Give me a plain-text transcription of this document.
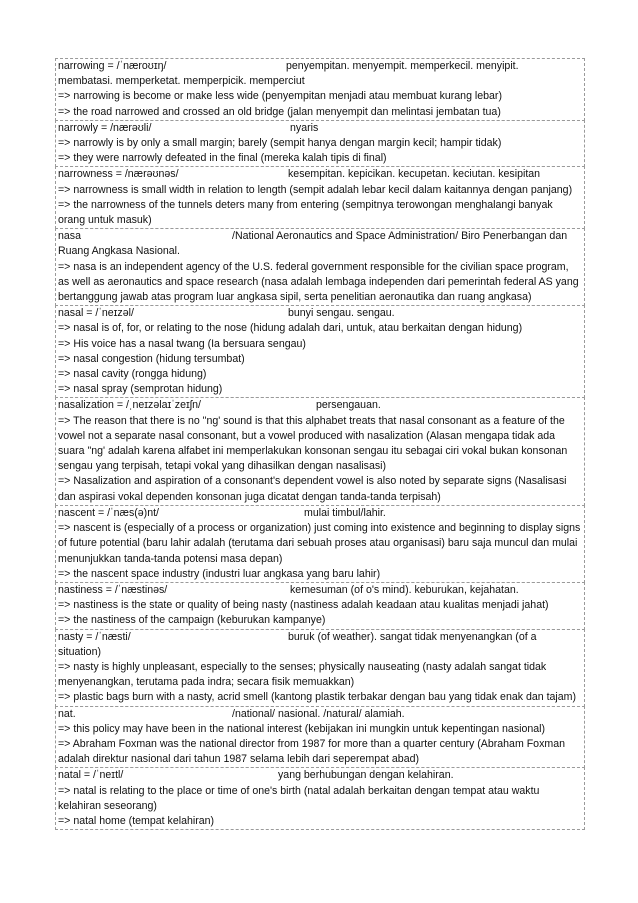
narrowing = /ˈnæroʊɪŋ/	penyempitan. menyempit. memperkecil. menyipit.
membatasi. memperketat. memperpicik. memperciut
=> narrowing is become or make less wide (penyempitan menjadi atau membuat kurang lebar)
=> the road narrowed and crossed an old bridge (jalan menyempit dan melintasi jembatan tua)
narrowly = /nærəʊli/	nyaris
=> narrowly is by only a small margin; barely (sempit hanya dengan margin kecil; hampir tidak)
=> they were narrowly defeated in the final (mereka kalah tipis di final)
narrowness = /nærəʊnəs/	kesempitan. kepicikan. kecupetan. keciutan. kesipitan
=> narrowness is small width in relation to length (sempit adalah lebar kecil dalam kaitannya dengan panjang)
=> the narrowness of the tunnels deters many from entering (sempitnya terowongan menghalangi banyak orang untuk masuk)
nasa	/National Aeronautics and Space Administration/ Biro Penerbangan dan
Ruang Angkasa Nasional.
=> nasa is an independent agency of the U.S. federal government responsible for the civilian space program, as well as aeronautics and space research (nasa adalah lembaga independen dari pemerintah federal AS yang bertanggung jawab atas program luar angkasa sipil, serta penelitian aeronautika dan ruang angkasa)
nasal = /ˈneɪzəl/	bunyi sengau. sengau.
=> nasal is of, for, or relating to the nose (hidung adalah dari, untuk, atau berkaitan dengan hidung)
=> His voice has a nasal twang (Ia bersuara sengau)
=> nasal congestion (hidung tersumbat)
=> nasal cavity (rongga hidung)
=> nasal spray (semprotan hidung)
nasalization = /ˌneɪzəlaɪˈzeɪʃn/	persengauan.
=> The reason that there is no "ng' sound is that this alphabet treats that nasal consonant as a feature of the vowel not a separate nasal consonant, but a vowel produced with nasalization (Alasan mengapa tidak ada suara "ng' adalah karena alfabet ini memperlakukan konsonan sengau itu sebagai ciri vokal bukan konsonan sengau yang terpisah, tetapi vokal yang dihasilkan dengan nasalisasi)
=> Nasalization and aspiration of a consonant's dependent vowel is also noted by separate signs (Nasalisasi dan aspirasi vokal dependen konsonan juga dicatat dengan tanda-tanda terpisah)
nascent = /ˈnæs(ə)nt/	mulai timbul/lahir.
=> nascent is (especially of a process or organization) just coming into existence and beginning to display signs of future potential (baru lahir adalah (terutama dari sebuah proses atau organisasi) baru saja muncul dan mulai menunjukkan tanda-tanda potensi masa depan)
=> the nascent space industry (industri luar angkasa yang baru lahir)
nastiness = /ˈnæstinəs/	kemesuman (of o's mind). keburukan, kejahatan.
=> nastiness is the state or quality of being nasty (nastiness adalah keadaan atau kualitas menjadi jahat)
=> the nastiness of the campaign (keburukan kampanye)
nasty = /ˈnæsti/	buruk (of weather). sangat tidak menyenangkan (of a
situation)
=> nasty is highly unpleasant, especially to the senses; physically nauseating (nasty adalah sangat tidak menyenangkan, terutama pada indra; secara fisik memuakkan)
=> plastic bags burn with a nasty, acrid smell (kantong plastik terbakar dengan bau yang tidak enak dan tajam)
nat.	/national/ nasional. /natural/ alamiah.
=> this policy may have been in the national interest (kebijakan ini mungkin untuk kepentingan nasional)
=> Abraham Foxman was the national director from 1987 for more than a quarter century (Abraham Foxman adalah direktur nasional dari tahun 1987 selama lebih dari seperempat abad)
natal = /ˈneɪtl/	yang berhubungan dengan kelahiran.
=> natal is relating to the place or time of one's birth (natal adalah berkaitan dengan tempat atau waktu kelahiran seseorang)
=> natal home (tempat kelahiran)
